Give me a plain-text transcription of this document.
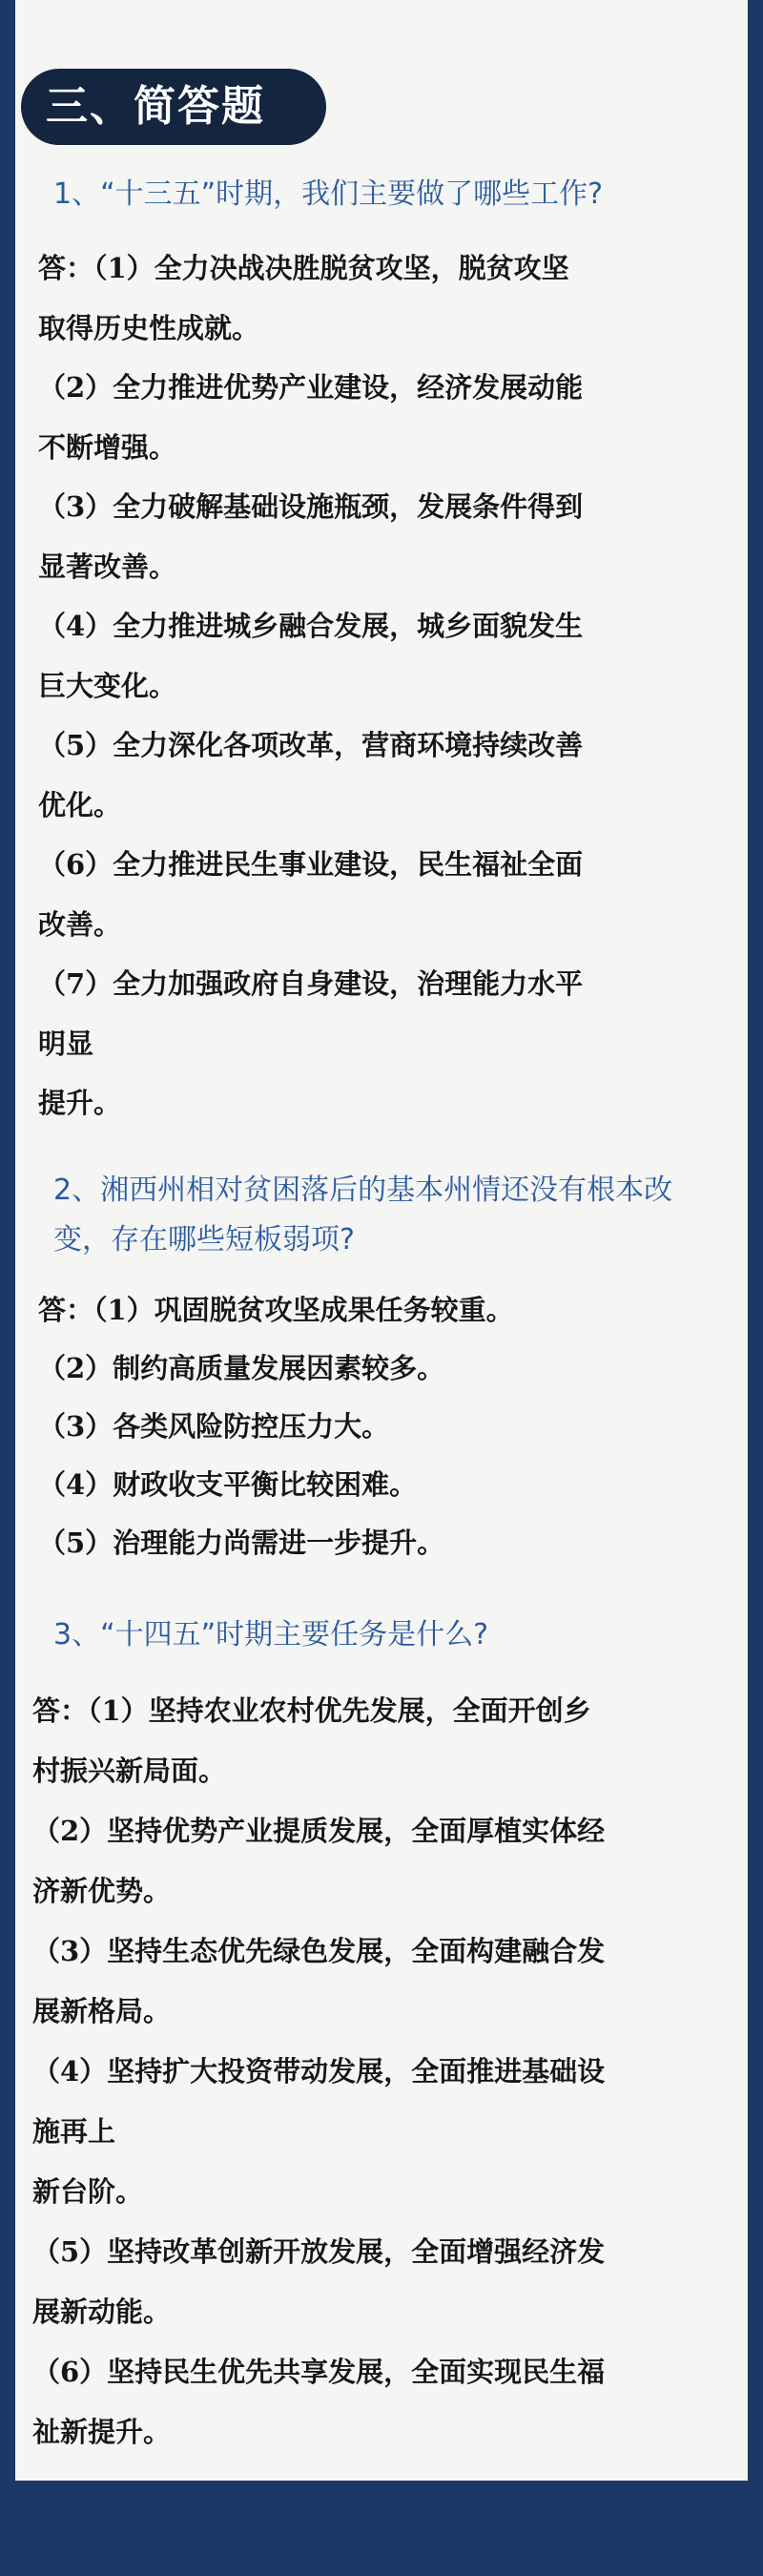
三、简答题
1、“十三五”时期，我们主要做了哪些工作?
答：（1）全力决战决胜脱贫攻坚，脱贫攻坚
取得历史性成就。
（2）全力推进优势产业建设，经济发展动能
不断增强。
（3）全力破解基础设施瓶颈，发展条件得到
显著改善。
（4）全力推进城乡融合发展，城乡面貌发生
巨大变化。
（5）全力深化各项改革，营商环境持续改善
优化。
（6）全力推进民生事业建设，民生福祉全面
改善。
（7）全力加强政府自身建设，治理能力水平
明显
提升。
2、湘西州相对贫困落后的基本州情还没有根本改
变，存在哪些短板弱项?
答：（1）巩固脱贫攻坚成果任务较重。
（2）制约高质量发展因素较多。
（3）各类风险防控压力大。
（4）财政收支平衡比较困难。
（5）治理能力尚需进一步提升。
3、“十四五”时期主要任务是什么?
答：（1）坚持农业农村优先发展，全面开创乡
村振兴新局面。
（2）坚持优势产业提质发展，全面厚植实体经
济新优势。
（3）坚持生态优先绿色发展，全面构建融合发
展新格局。
（4）坚持扩大投资带动发展，全面推进基础设
施再上
新台阶。
（5）坚持改革创新开放发展，全面增强经济发
展新动能。
（6）坚持民生优先共享发展，全面实现民生福
祉新提升。
